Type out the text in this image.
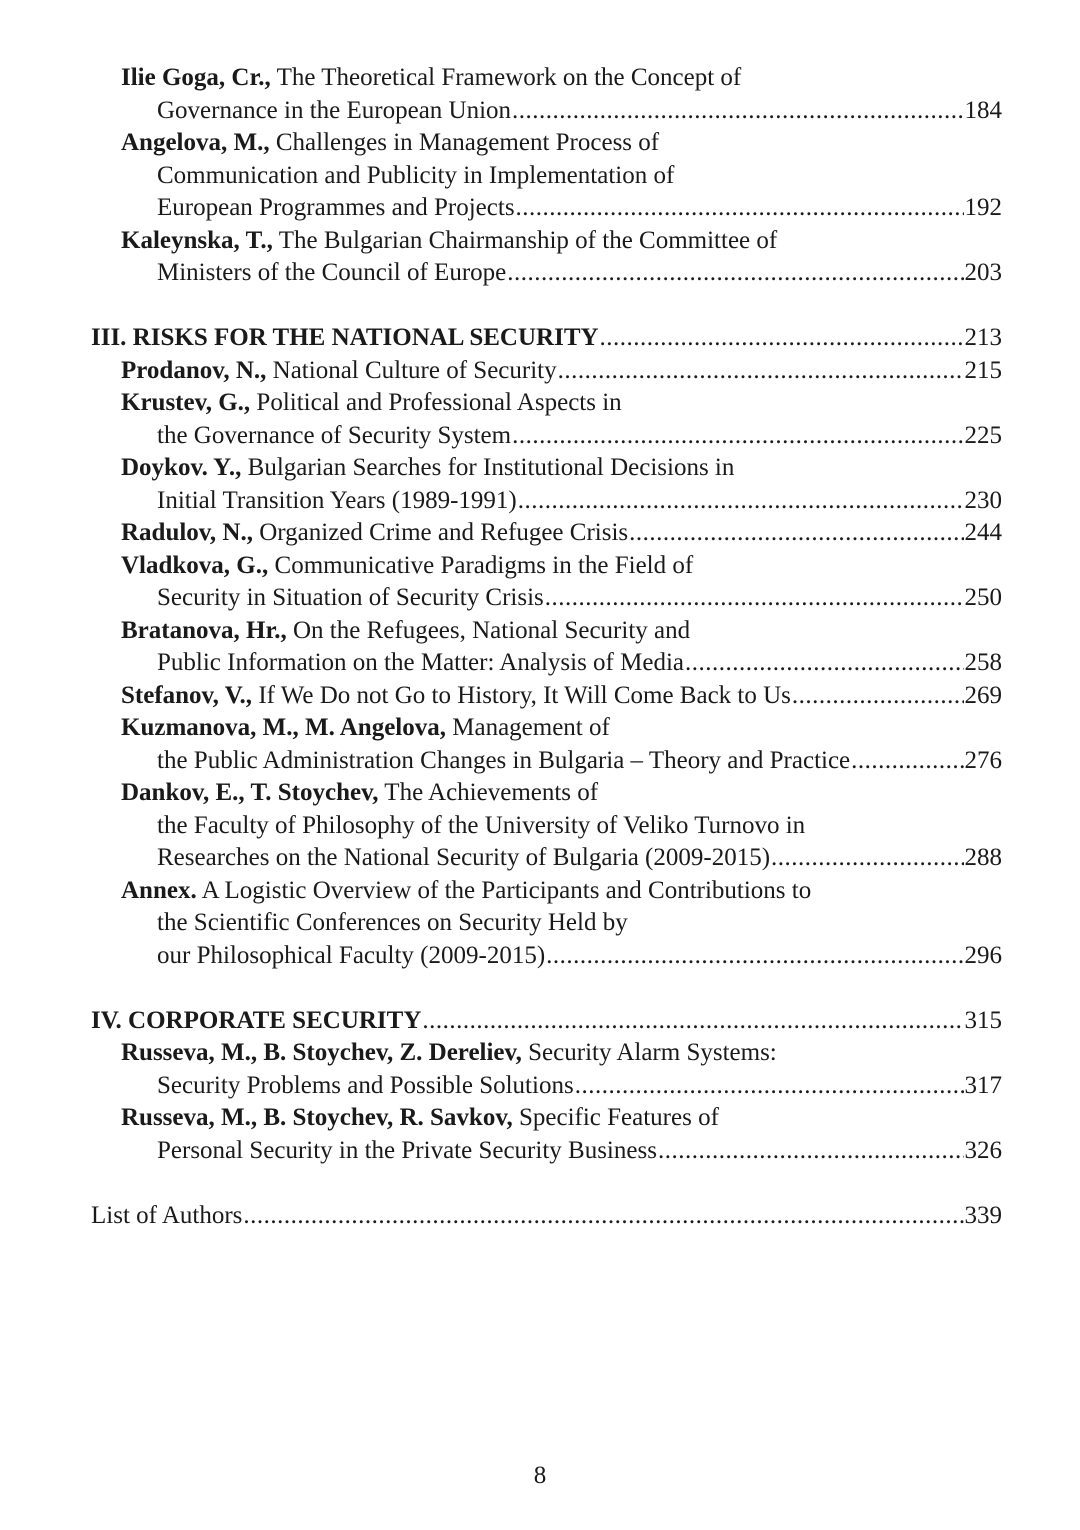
Ilie Goga, Cr., The Theoretical Framework on the Concept of
Governance in the European Union .....	184
Angelova, M., Challenges in Management Process of
Communication and Publicity in Implementation of
European Programmes and Projects .....	192
Kaleynska, T., The Bulgarian Chairmanship of the Committee of
Ministers of the Council of Europe .....	203
III. RISKS FOR THE NATIONAL SECURITY .....	213
Prodanov, N., National Culture of Security .....	215
Krustev, G., Political and Professional Aspects in
the Governance of Security System .....	225
Doykov. Y., Bulgarian Searches for Institutional Decisions in
Initial Transition Years (1989-1991) .....	230
Radulov, N., Organized Crime and Refugee Crisis .....	244
Vladkova, G., Communicative Paradigms in the Field of
Security in Situation of Security Crisis .....	250
Bratanova, Hr., On the Refugees, National Security and
Public Information on the Matter: Analysis of Media .....	258
Stefanov, V., If We Do not Go to History, It Will Come Back to Us .....	269
Kuzmanova, M., M. Angelova, Management of
the Public Administration Changes in Bulgaria – Theory and Practice .....	276
Dankov, E., T. Stoychev, The Achievements of
the Faculty of Philosophy of the University of Veliko Turnovo in
Researches on the National Security of Bulgaria (2009-2015) .....	288
Annex. A Logistic Overview of the Participants and Contributions to
the Scientific Conferences on Security Held by
our Philosophical Faculty (2009-2015) .....	296
IV. CORPORATE SECURITY .....	315
Russeva, M., B. Stoychev, Z. Dereliev, Security Alarm Systems:
Security Problems and Possible Solutions .....	317
Russeva, M., B. Stoychev, R. Savkov, Specific Features of
Personal Security in the Private Security Business .....	326
List of Authors .....	339
8
